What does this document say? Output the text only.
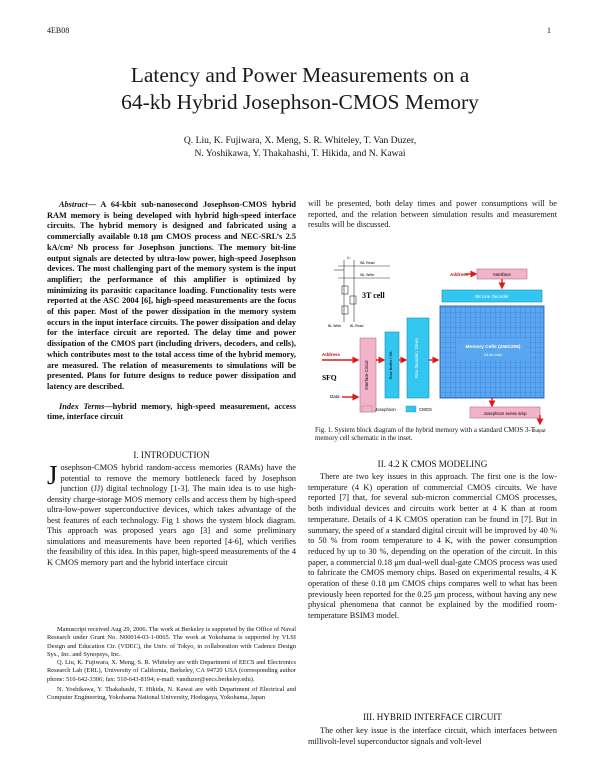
4EB08	1
Latency and Power Measurements on a
64-kb Hybrid Josephson-CMOS Memory
Q. Liu, K. Fujiwara, X. Meng, S. R. Whiteley, T. Van Duzer,
N. Yoshikawa, Y. Thakahashi, T. Hikida, and N. Kawai

Abstract— A 64-kbit sub-nanosecond Josephson-CMOS hybrid RAM memory is being developed with hybrid high-speed interface circuits. The hybrid memory is designed and fabricated using a commercially available 0.18 μm CMOS process and NEC-SRL’s 2.5 kA/cm² Nb process for Josephson junctions. The memory bit-line output signals are detected by ultra-low power, high-speed Josephson devices. The most challenging part of the memory system is the input amplifier; the performance of this amplifier is optimized by minimizing its parasitic capacitance loading. Functionality tests were reported at the ASC 2004 [6], high-speed measurements are the focus of this paper. Most of the power dissipation in the memory system occurs in the input interface circuits. The power dissipation and delay for the interface circuit are reported. The delay time and power dissipation of the CMOS part (including drivers, decoders, and cells), which contributes most to the total access time of the hybrid memory, are measured. The relation of measurements to simulations will be presented. Plans for future designs to reduce power dissipation and latency are described.

Index Terms—hybrid memory, high-speed measurement, access time, interface circuit

I. INTRODUCTION
Josephson-CMOS hybrid random-access memories (RAMs) have the potential to remove the memory bottleneck faced by Josephson junction (JJ) digital technology [1-3]. The main idea is to use high-density charge-storage MOS memory cells and access them by high-speed ultra-low-power superconductive devices, which takes advantage of the best features of each technology. Fig 1 shows the system block diagram. This approach was proposed years ago [3] and some preliminary simulations and measurements have been reported [4-6], which verifies the feasibility of this idea. In this paper, high-speed measurements of the 4 K CMOS memory part and the hybrid interface circuit

Manuscript received Aug 29, 2006. The work at Berkeley is supported by the Office of Naval Research under Grant No. N00014-03-1-0065. The work at Yokohama is supported by VLSI Design and Education Ctr. (VDEC), the Univ. of Tokyo, in collaboration with Cadence Design Sys., Inc. and Synopsys, Inc.

Q. Liu, K. Fujiwara, X. Meng, S. R. Whiteley are with Department of EECS and Electronics Research Lab (ERL), University of California, Berkeley, CA 94720 USA (corresponding author phone: 510-642-3306; fax: 510-643-8194; e-mail: vanduzer@eecs.berkeley.edu).

N. Yoshikawa, Y. Thakahashi, T. Hikida, N. Kawai are with Department of Electrical and Computer Engineering, Yokohama National University, Hodogaya, Yokohama, Japan

will be presented, both delay times and power consumptions will be reported, and the relation between simulation results and measurement results will be discussed.
Vₛ
WL Read
WL Write
3T cell
BL Write	BL Read
Address	Interface
Bit Line Decoder
Address
SFQ
Data
Interface Circuit	Row Buffer / WL	Row Decoder / Driver	Memory Cells (256X256)
64 kb total
Josephson sense amp
Output
Josephson	CMOS
Fig. 1. System block diagram of the hybrid memory with a standard CMOS 3-T memory cell schematic in the inset.
II. 4.2 K CMOS MODELING

There are two key issues in this approach. The first one is the low-temperature (4 K) operation of commercial CMOS circuits. We have reported [7] that, for several sub-micron commercial CMOS processes, both individual devices and circuits work better at 4 K than at room temperature. Details of 4 K CMOS operation can be found in [7]. But in summary, the speed of a standard digital circuit will be improved by 40 % to 50 % from room temperature to 4 K, with the power consumption reduced by up to 30 %, depending on the operation of the circuit. In this paper, a commercial 0.18 μm dual-well dual-gate CMOS process was used to fabricate the CMOS memory chips. Based on experimental results, 4 K operation of these 0.18 μm CMOS chips compares well to what has been previously been reported for the 0.25 μm process, without having any new physical phenomena that cannot be explained by the modified room-temperature BSIM3 model.

III. HYBRID INTERFACE CIRCUIT

The other key issue is the interface circuit, which interfaces between millivolt-level superconductor signals and volt-level
